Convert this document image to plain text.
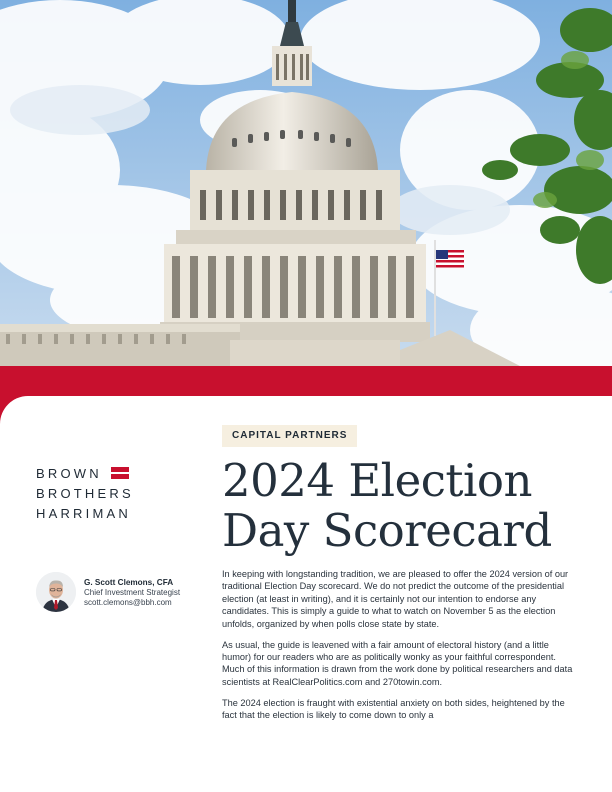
BROWN
BROTHERS
HARRIMAN
G. Scott Clemons, CFA
Chief Investment Strategist
scott.clemons@bbh.com
CAPITAL PARTNERS
2024 Election
Day Scorecard

In keeping with longstanding tradition, we are pleased to offer the 2024 version of our traditional Election Day scorecard. We do not predict the outcome of the presidential election (at least in writing), and it is certainly not our intention to endorse any candidates. This is simply a guide to what to watch on November 5 as the election unfolds, organized by when polls close state by state.

As usual, the guide is leavened with a fair amount of electoral history (and a little humor) for our readers who are as politically wonky as your faithful correspondent. Much of this information is drawn from the work done by political researchers and data scientists at RealClearPolitics.com and 270towin.com.

The 2024 election is fraught with existential anxiety on both sides, heightened by the fact that the election is likely to come down to only a
